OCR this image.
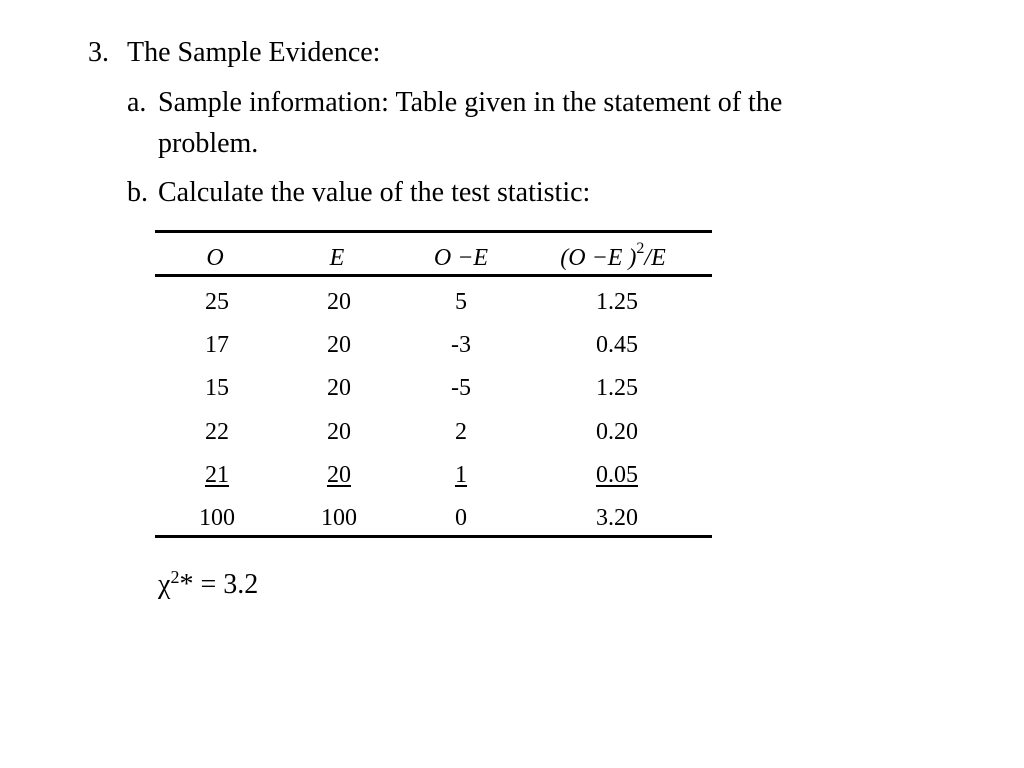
3. The Sample Evidence:
a. Sample information: Table given in the statement of the
problem.
b. Calculate the value of the test statistic:
O	E	O −E	(O −E )$^2$/E
25	20	5	1.25
17	20	-3	0.45
15	20	-5	1.25
22	20	2	0.20
21	20	1	0.05
100	100	0	3.20
$\chi^2* = 3.2$
